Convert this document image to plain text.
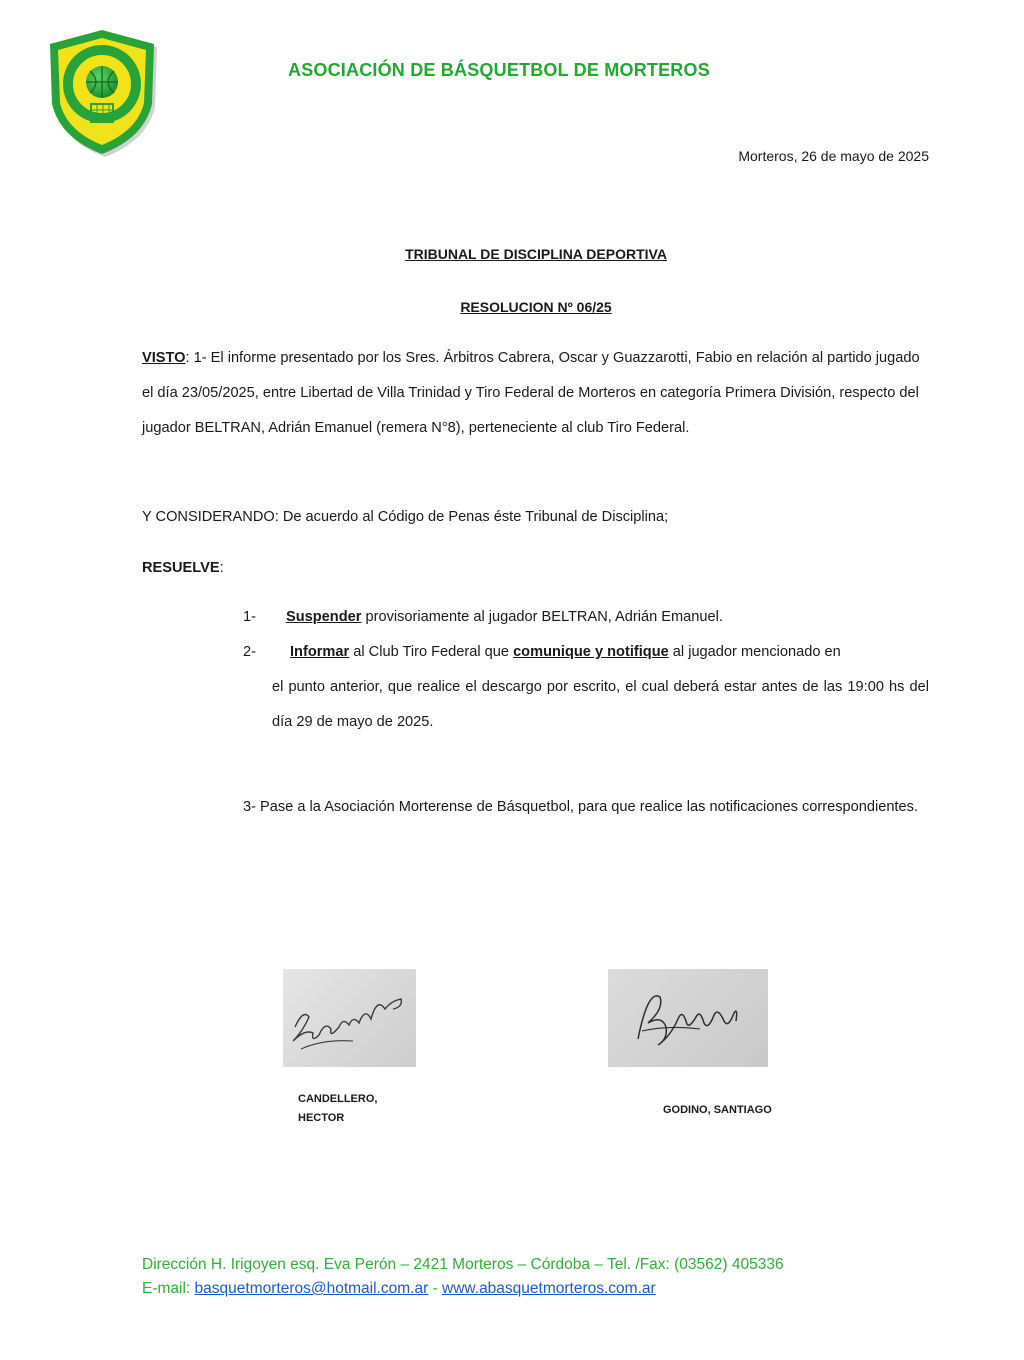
ASOCIACIÓN DE BÁSQUETBOL DE MORTEROS
Morteros, 26 de mayo de 2025
TRIBUNAL DE DISCIPLINA DEPORTIVA
RESOLUCION Nº 06/25
VISTO: 1- El informe presentado por los Sres. Árbitros Cabrera, Oscar y Guazzarotti, Fabio en relación al partido jugado el día 23/05/2025, entre Libertad de Villa Trinidad y Tiro Federal de Morteros en categoría Primera División, respecto del jugador BELTRAN, Adrián Emanuel (remera N°8), perteneciente al club Tiro Federal.
Y CONSIDERANDO: De acuerdo al Código de Penas éste Tribunal de Disciplina;
RESUELVE:
1- Suspender provisoriamente al jugador BELTRAN, Adrián Emanuel.
2- Informar al Club Tiro Federal que comunique y notifique al jugador mencionado en
el punto anterior, que realice el descargo por escrito, el cual deberá estar antes de las 19:00 hs del día 29 de mayo de 2025.
3- Pase a la Asociación Morterense de Básquetbol, para que realice las notificaciones correspondientes.
CANDELLERO,
HECTOR
GODINO, SANTIAGO
Dirección H. Irigoyen esq. Eva Perón – 2421 Morteros – Córdoba – Tel. /Fax: (03562) 405336
E-mail: basquetmorteros@hotmail.com.ar - www.abasquetmorteros.com.ar
